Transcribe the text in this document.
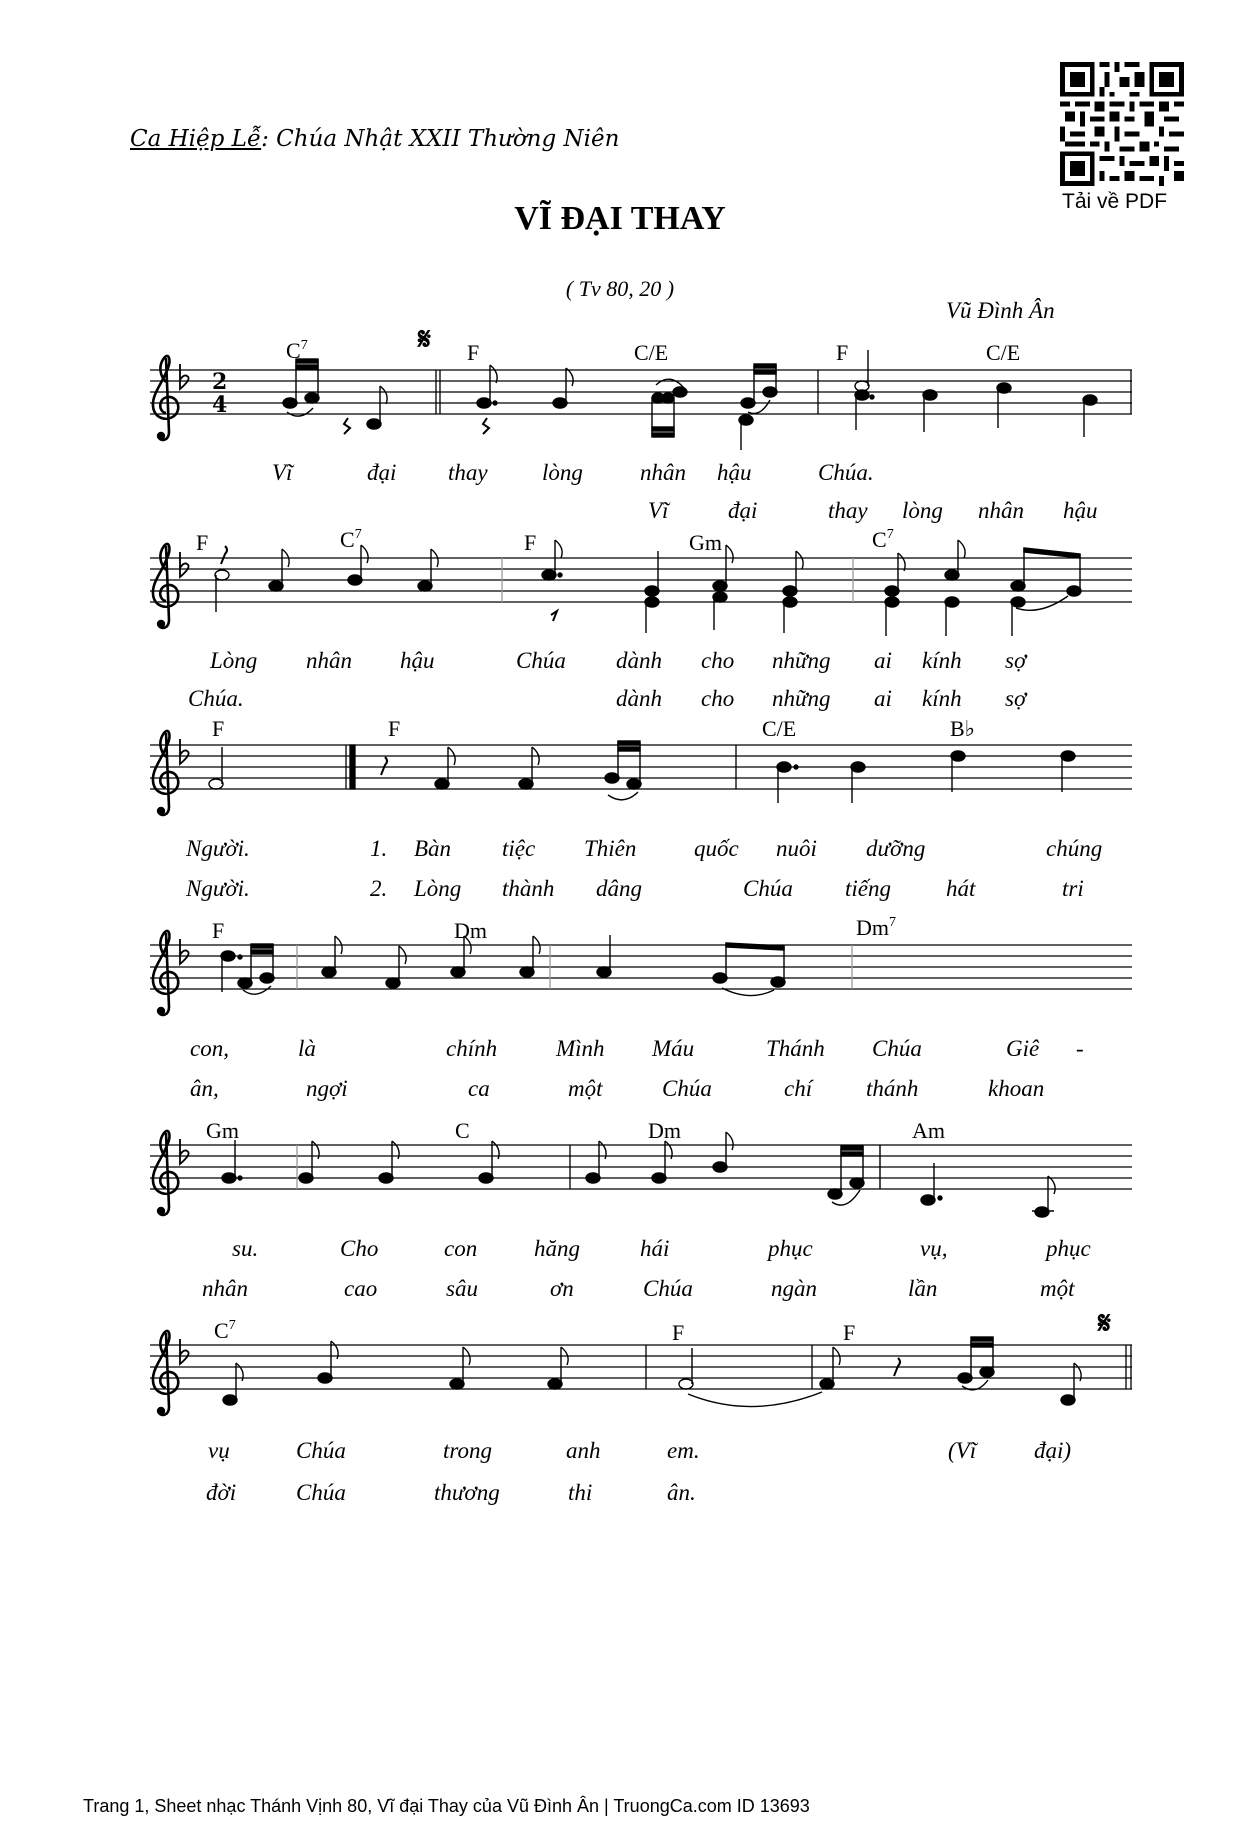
Ca Hiệp Lễ: Chúa Nhật XXII Thường Niên
Tải về PDF
VĨ ĐẠI THAY
( Tv 80, 20 )
Vũ Đình Ân
2
4
𝄋
$C^7$	F	C/E	F	C/E
Vĩ	đại thay lòng nhân hậu	Chúa.
Vĩ	đại	thay lòng nhân hậu
F	$C^7$	F	Gm	$C^7$
Lòng nhân hậu	Chúa dành cho những ai kính sợ
Chúa.	dành cho những ai kính sợ
F	F	C/E	B♭
Người.	1. Bàn tiệc Thiên	quốc nuôi dưỡng	chúng
Người.	2. Lòng thành dâng	Chúa tiếng hát	tri
F	Dm	Dm$^7$
con,	là	chính	Mình Máu	Thánh Chúa	Giê -
ân,	ngợi	ca	một	Chúa	chí thánh	khoan
Gm	C	Dm	Am
su.	Cho	con hăng	hái	phục	vụ,	phục
nhân	cao	sâu	ơn	Chúa	ngàn	lần	một
𝄋
$C^7$	F	F
vụ	Chúa	trong	anh	em.	(Vĩ	đại)
đời	Chúa	thương	thi	ân.
Trang 1, Sheet nhạc Thánh Vịnh 80, Vĩ đại Thay của Vũ Đình Ân | TruongCa.com ID 13693
